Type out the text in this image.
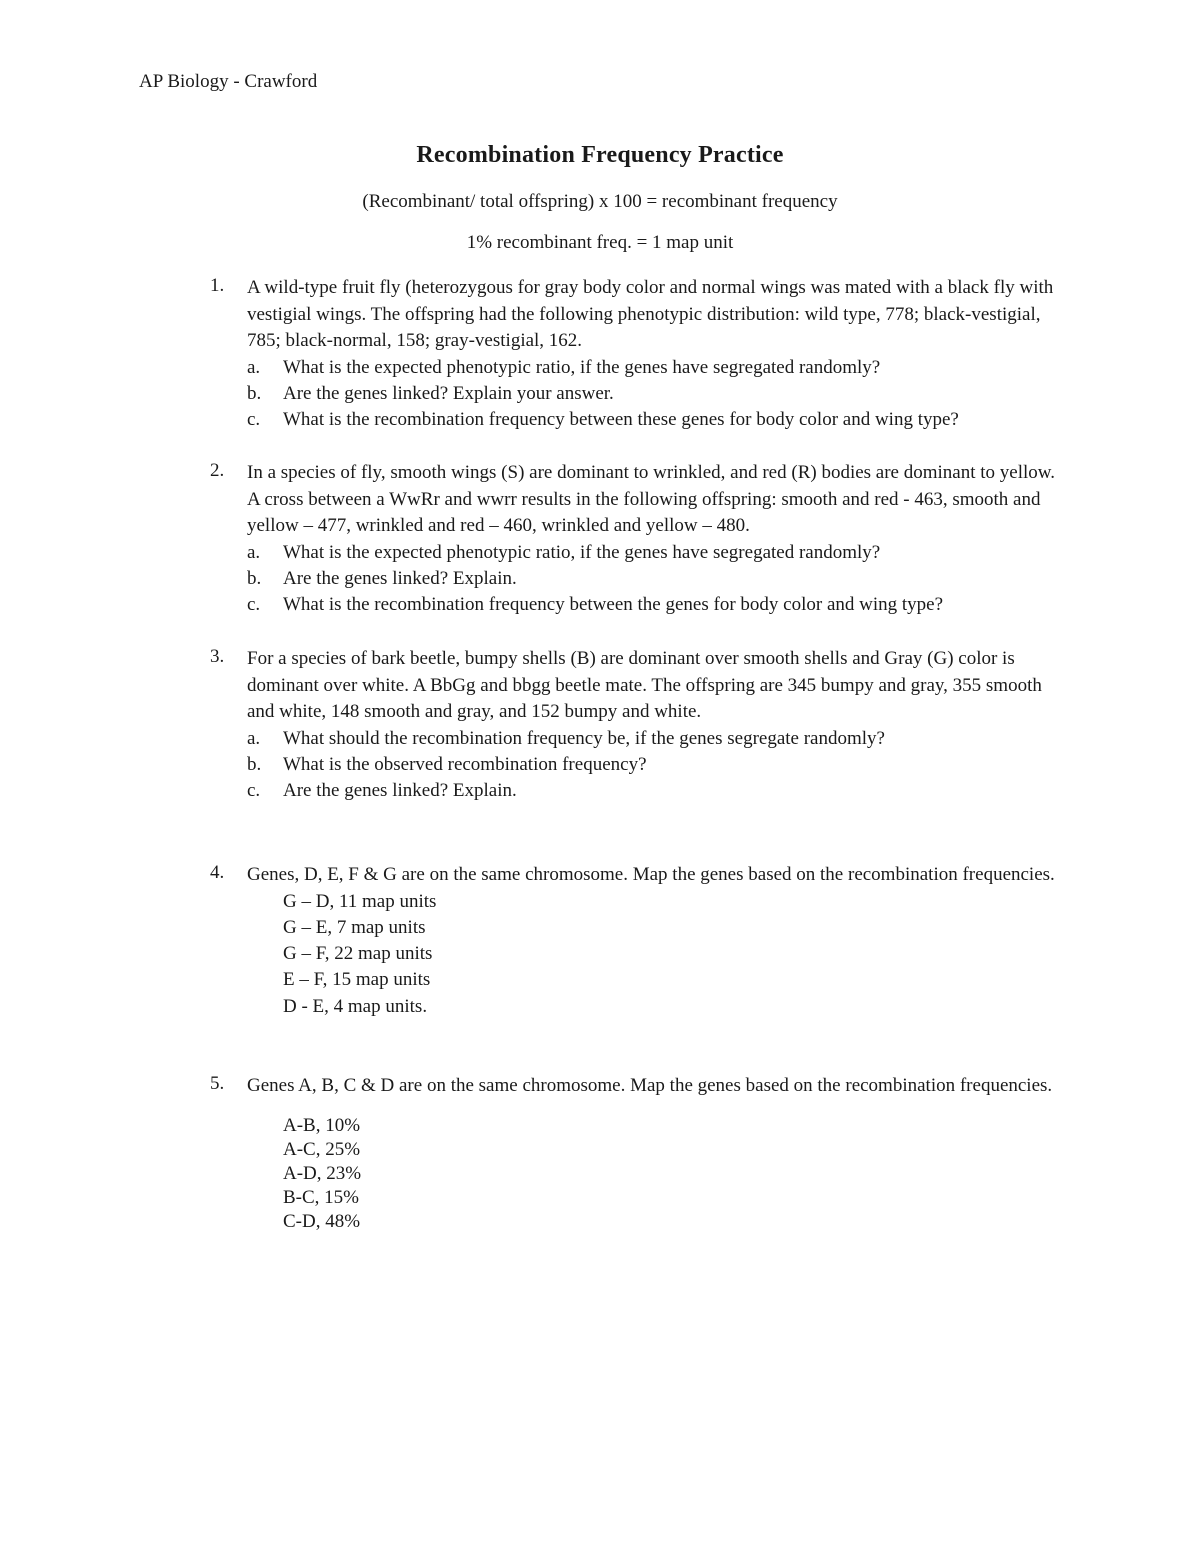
AP Biology - Crawford
Recombination Frequency Practice
(Recombinant/ total offspring) x 100 = recombinant frequency
1% recombinant freq. = 1 map unit
1. A wild-type fruit fly (heterozygous for gray body color and normal wings was mated with a black fly with vestigial wings. The offspring had the following phenotypic distribution: wild type, 778; black-vestigial, 785; black-normal, 158; gray-vestigial, 162.
a. What is the expected phenotypic ratio, if the genes have segregated randomly?
b. Are the genes linked? Explain your answer.
c. What is the recombination frequency between these genes for body color and wing type?
2. In a species of fly, smooth wings (S) are dominant to wrinkled, and red (R) bodies are dominant to yellow. A cross between a WwRr and wwrr results in the following offspring: smooth and red - 463, smooth and yellow – 477, wrinkled and red – 460, wrinkled and yellow – 480.
a. What is the expected phenotypic ratio, if the genes have segregated randomly?
b. Are the genes linked? Explain.
c. What is the recombination frequency between the genes for body color and wing type?
3. For a species of bark beetle, bumpy shells (B) are dominant over smooth shells and Gray (G) color is dominant over white. A BbGg and bbgg beetle mate. The offspring are 345 bumpy and gray, 355 smooth and white, 148 smooth and gray, and 152 bumpy and white.
a. What should the recombination frequency be, if the genes segregate randomly?
b. What is the observed recombination frequency?
c. Are the genes linked? Explain.
4. Genes, D, E, F & G are on the same chromosome. Map the genes based on the recombination frequencies.
G – D, 11 map units
G – E, 7 map units
G – F, 22 map units
E – F, 15 map units
D - E, 4 map units.
5. Genes A, B, C & D are on the same chromosome. Map the genes based on the recombination frequencies.
A-B, 10%
A-C, 25%
A-D, 23%
B-C, 15%
C-D, 48%
